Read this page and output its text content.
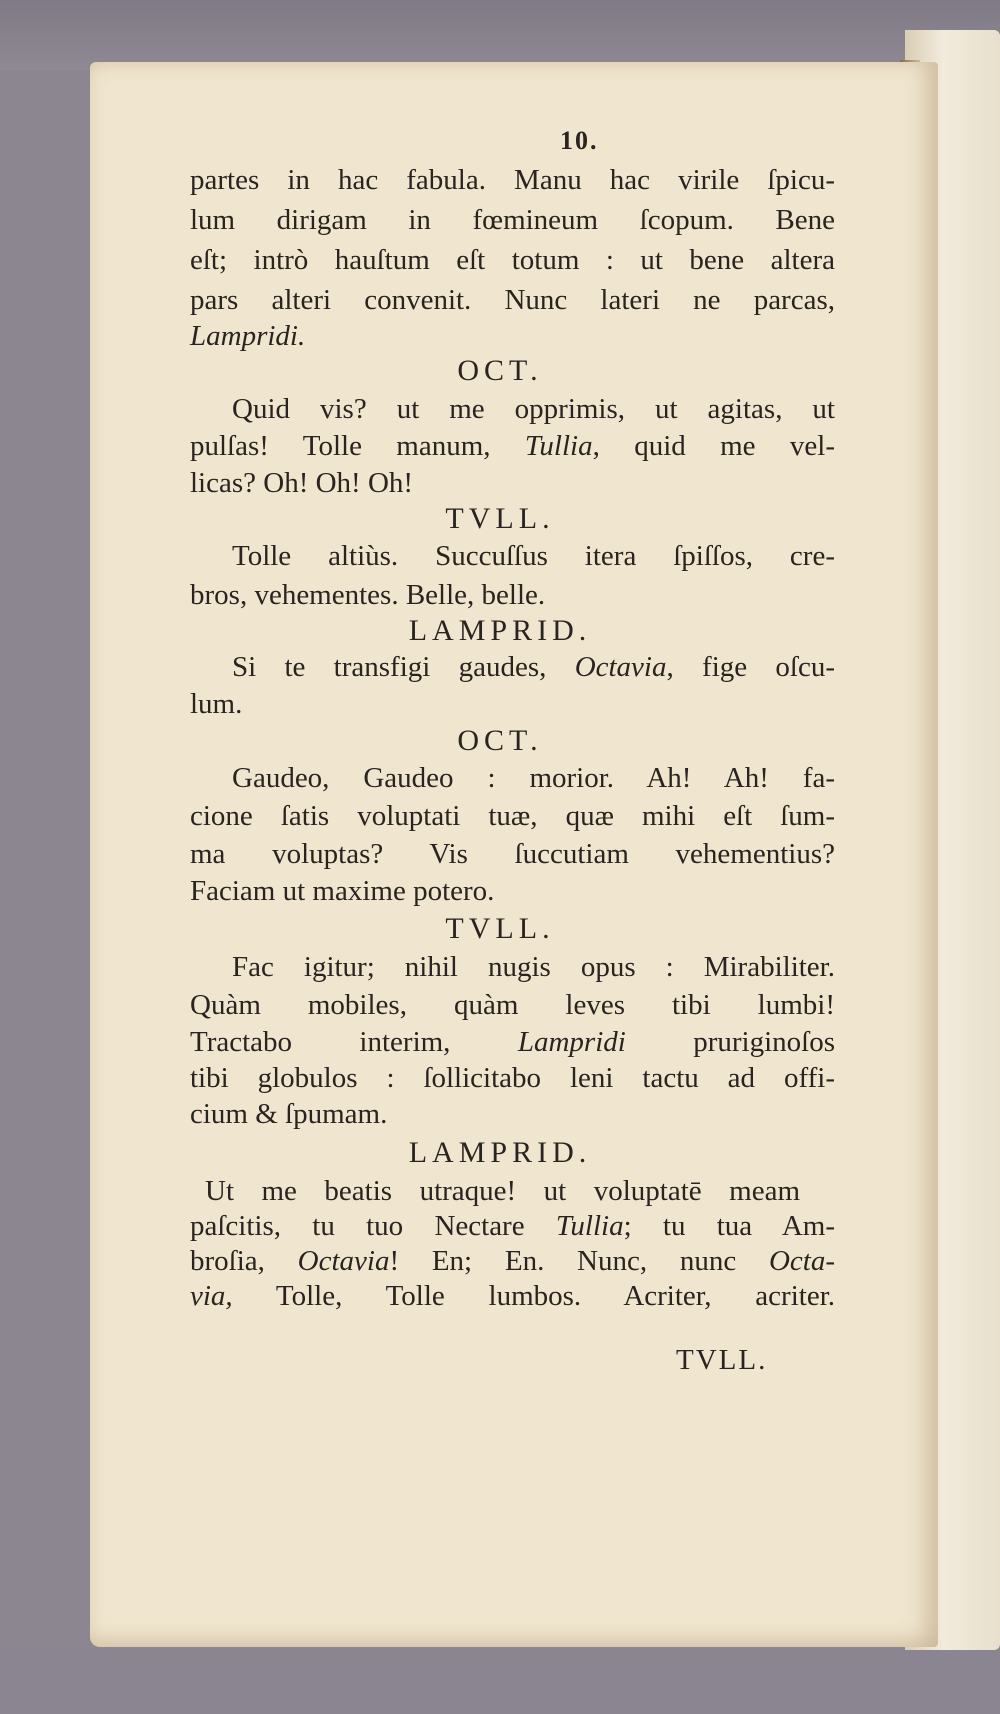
10.
partes in hac fabula. Manu hac virile ſpicu-
lum dirigam in fœmineum ſcopum. Bene
eſt; intrò hauſtum eſt totum : ut bene altera
pars alteri convenit. Nunc lateri ne parcas,
Lampridi.
OCT.
Quid vis? ut me opprimis, ut agitas, ut
pulſas! Tolle manum, Tullia, quid me vel-
licas? Oh! Oh! Oh!
TVLL.
Tolle altiùs. Succuſſus itera ſpiſſos, cre-
bros, vehementes. Belle, belle.
LAMPRID.
Si te transfigi gaudes, Octavia, fige oſcu-
lum.
OCT.
Gaudeo, Gaudeo : morior. Ah! Ah! fa-
cione ſatis voluptati tuæ, quæ mihi eſt ſum-
ma voluptas? Vis ſuccutiam vehementius?
Faciam ut maxime potero.
TVLL.
Fac igitur; nihil nugis opus : Mirabiliter.
Quàm mobiles, quàm leves tibi lumbi!
Tractabo interim, Lampridi pruriginoſos
tibi globulos : ſollicitabo leni tactu ad offi-
cium & ſpumam.
LAMPRID.
Ut me beatis utraque! ut voluptatē meam
paſcitis, tu tuo Nectare Tullia; tu tua Am-
broſia, Octavia! En; En. Nunc, nunc Octa-
via, Tolle, Tolle lumbos. Acriter, acriter.
TVLL.
